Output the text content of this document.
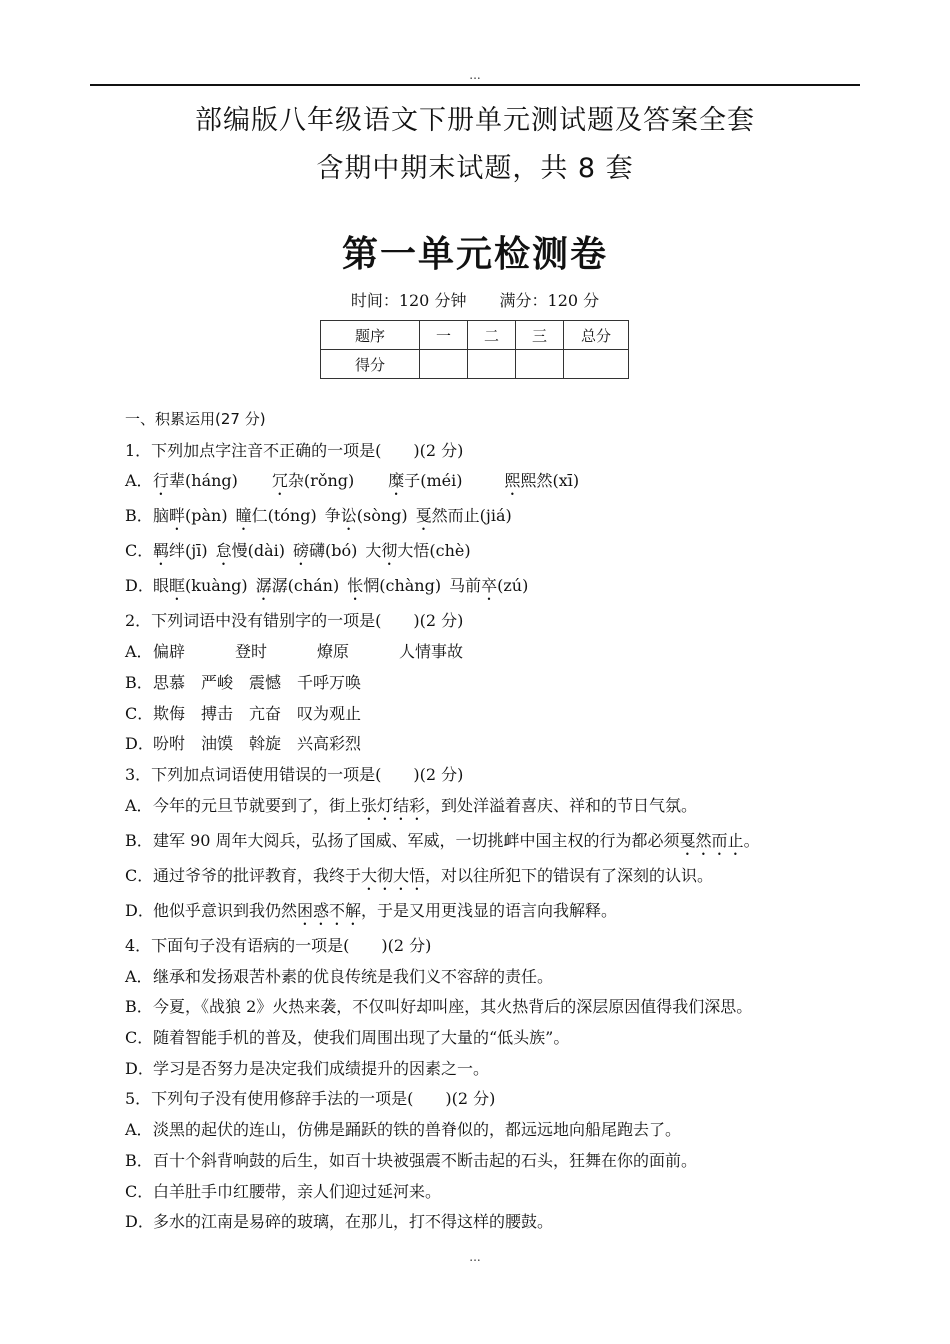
...
部编版八年级语文下册单元测试题及答案全套
含期中期末试题，共 8 套
第一单元检测卷
时间：120 分钟 满分：120 分
题序	一	二	三	总分
得分				
一、积累运用(27 分)
1．下列加点字注音不正确的一项是(　　)(2 分)
A．行辈(háng) 冗杂(rǒng) 糜子(méi)	熙熙然(xī)
B．脑畔(pàn) 瞳仁(tóng) 争讼(sòng) 戛然而止(jiá)
C．羁绊(jī) 怠慢(dài) 磅礴(bó) 大彻大悟(chè)
D．眼眶(kuàng) 潺潺(chán) 怅惘(chàng) 马前卒(zú)
2．下列词语中没有错别字的一项是(　　)(2 分)
A．偏辟	登时	燎原	人情事故
B．思慕 严峻 震憾 千呼万唤
C．欺侮 搏击 亢奋 叹为观止
D．吩咐 油馍 斡旋 兴高彩烈
3．下列加点词语使用错误的一项是(　　)(2 分)
A．今年的元旦节就要到了，街上张灯结彩，到处洋溢着喜庆、祥和的节日气氛。
B．建军 90 周年大阅兵，弘扬了国威、军威，一切挑衅中国主权的行为都必须戛然而止。
C．通过爷爷的批评教育，我终于大彻大悟，对以往所犯下的错误有了深刻的认识。
D．他似乎意识到我仍然困惑不解，于是又用更浅显的语言向我解释。
4．下面句子没有语病的一项是(　　)(2 分)
A．继承和发扬艰苦朴素的优良传统是我们义不容辞的责任。
B．今夏，《战狼 2》火热来袭，不仅叫好却叫座，其火热背后的深层原因值得我们深思。
C．随着智能手机的普及，使我们周围出现了大量的“低头族”。
D．学习是否努力是决定我们成绩提升的因素之一。
5．下列句子没有使用修辞手法的一项是(　　)(2 分)
A．淡黑的起伏的连山，仿佛是踊跃的铁的兽脊似的，都远远地向船尾跑去了。
B．百十个斜背响鼓的后生，如百十块被强震不断击起的石头，狂舞在你的面前。
C．白羊肚手巾红腰带，亲人们迎过延河来。
D．多水的江南是易碎的玻璃，在那儿，打不得这样的腰鼓。
...
